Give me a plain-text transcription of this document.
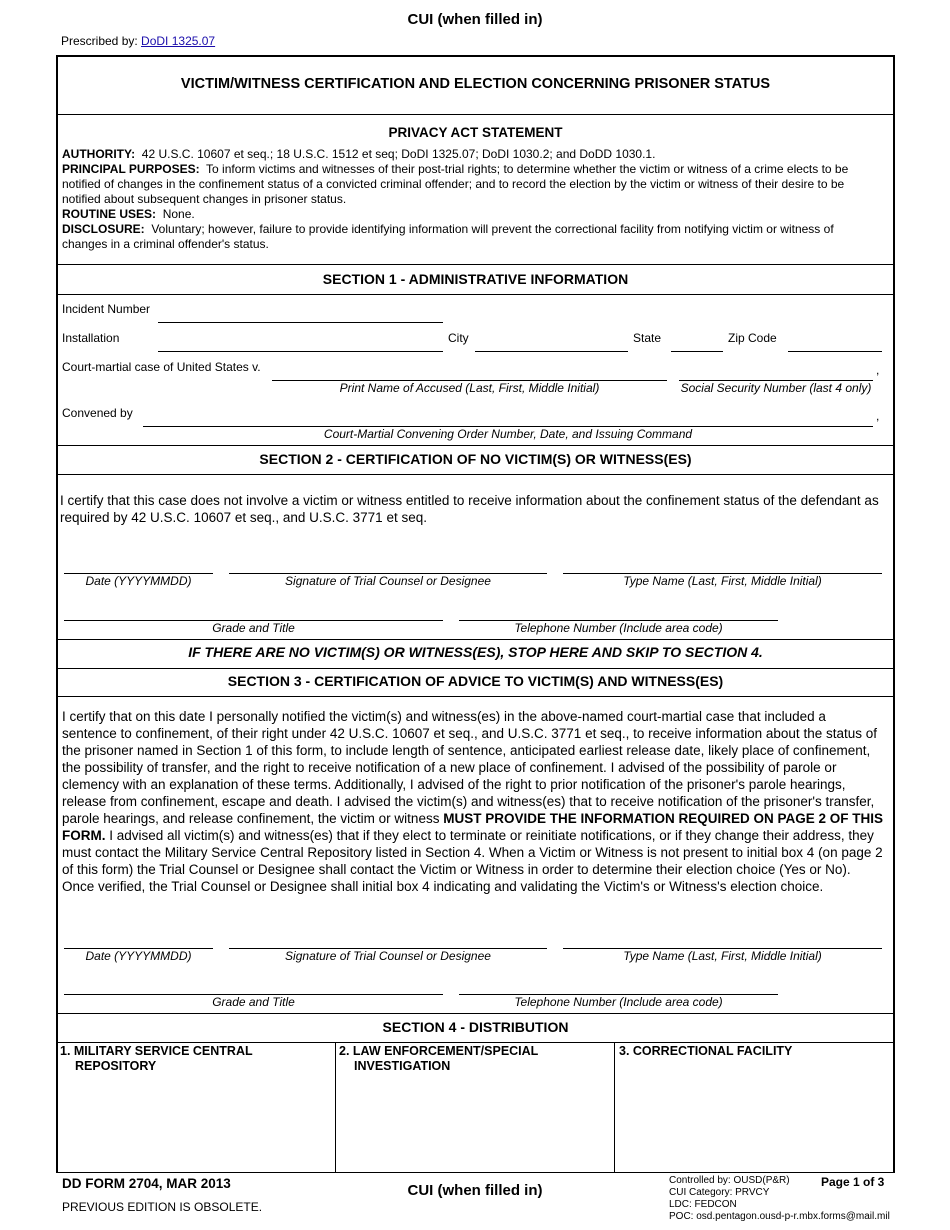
CUI (when filled in)
Prescribed by: DoDI 1325.07
VICTIM/WITNESS CERTIFICATION AND ELECTION CONCERNING PRISONER STATUS
PRIVACY ACT STATEMENT

AUTHORITY: 42 U.S.C. 10607 et seq.; 18 U.S.C. 1512 et seq; DoDI 1325.07; DoDI 1030.2; and DoDD 1030.1.

PRINCIPAL PURPOSES: To inform victims and witnesses of their post-trial rights; to determine whether the victim or witness of a crime elects to be notified of changes in the confinement status of a convicted criminal offender; and to record the election by the victim or witness of their desire to be notified about subsequent changes in prisoner status.

ROUTINE USES: None.

DISCLOSURE: Voluntary; however, failure to provide identifying information will prevent the correctional facility from notifying victim or witness of changes in a criminal offender's status.

SECTION 1 - ADMINISTRATIVE INFORMATION
Incident Number
Installation	City	State	Zip Code
Court-martial case of United States v.	,
Print Name of Accused (Last, First, Middle Initial)	Social Security Number (last 4 only)
Convened by	,
Court-Martial Convening Order Number, Date, and Issuing Command
SECTION 2 - CERTIFICATION OF NO VICTIM(S) OR WITNESS(ES)
I certify that this case does not involve a victim or witness entitled to receive information about the confinement status of the defendant as required by 42 U.S.C. 10607 et seq., and U.S.C. 3771 et seq.
Date (YYYYMMDD)	Signature of Trial Counsel or Designee	Type Name (Last, First, Middle Initial)
Grade and Title	Telephone Number (Include area code)
IF THERE ARE NO VICTIM(S) OR WITNESS(ES), STOP HERE AND SKIP TO SECTION 4.
SECTION 3 - CERTIFICATION OF ADVICE TO VICTIM(S) AND WITNESS(ES)
I certify that on this date I personally notified the victim(s) and witness(es) in the above-named court-martial case that included a sentence to confinement, of their right under 42 U.S.C. 10607 et seq., and U.S.C. 3771 et seq., to receive information about the status of the prisoner named in Section 1 of this form, to include length of sentence, anticipated earliest release date, likely place of confinement, the possibility of transfer, and the right to receive notification of a new place of confinement. I advised of the possibility of parole or clemency with an explanation of these terms. Additionally, I advised of the right to prior notification of the prisoner's parole hearings, release from confinement, escape and death. I advised the victim(s) and witness(es) that to receive notification of the prisoner's transfer, parole hearings, and release confinement, the victim or witness MUST PROVIDE THE INFORMATION REQUIRED ON PAGE 2 OF THIS FORM. I advised all victim(s) and witness(es) that if they elect to terminate or reinitiate notifications, or if they change their address, they must contact the Military Service Central Repository listed in Section 4. When a Victim or Witness is not present to initial box 4 (on page 2 of this form) the Trial Counsel or Designee shall contact the Victim or Witness in order to determine their election choice (Yes or No). Once verified, the Trial Counsel or Designee shall initial box 4 indicating and validating the Victim's or Witness's election choice.
Date (YYYYMMDD)	Signature of Trial Counsel or Designee	Type Name (Last, First, Middle Initial)
Grade and Title	Telephone Number (Include area code)
SECTION 4 - DISTRIBUTION
1. MILITARY SERVICE CENTRAL
REPOSITORY
2. LAW ENFORCEMENT/SPECIAL
INVESTIGATION
3. CORRECTIONAL FACILITY
DD FORM 2704, MAR 2013
PREVIOUS EDITION IS OBSOLETE.
CUI (when filled in)
Controlled by: OUSD(P&R)
CUI Category: PRVCY
LDC: FEDCON
POC: osd.pentagon.ousd-p-r.mbx.forms@mail.mil
Page 1 of 3
